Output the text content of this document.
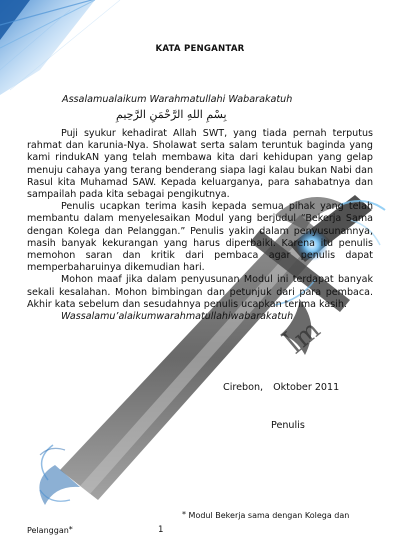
ꟾm
KATA PENGANTAR
Assalamualaikum Warahmatullahi Wabarakatuh
بِسْمِ اللهِ الرَّحْمَنِ الرَّحِيمِ

Puji syukur kehadirat Allah SWT, yang tiada pernah terputus rahmat dan karunia-Nya. Sholawat serta salam teruntuk baginda yang kami rindukAN yang telah membawa kita dari kehidupan yang gelap menuju cahaya yang terang benderang siapa lagi kalau bukan Nabi dan Rasul kita Muhamad SAW. Kepada keluarganya, para sahabatnya dan sampailah pada kita sebagai pengikutnya.

Penulis ucapkan terima kasih kepada semua pihak yang telah membantu dalam menyelesaikan Modul yang berjudul “Bekerja Sama dengan Kolega dan Pelanggan.” Penulis yakin dalam penyusunannya, masih banyak kekurangan yang harus diperbaiki. Karena itu penulis memohon saran dan kritik dari pembaca agar penulis dapat memperbaharuinya dikemudian hari.

Mohon maaf jika dalam penyusunan Modul ini terdapat banyak sekali kesalahan. Mohon bimbingan dan petunjuk dari para pembaca. Akhir kata sebelum dan sesudahnya penulis ucapkan terima kasih.

Wassalamu’alaikumwarahmatullahiwabarakatuh

Cirebon, Oktober 2011
Penulis
* Modul Bekerja sama dengan Kolega dan
Pelanggan*	1
